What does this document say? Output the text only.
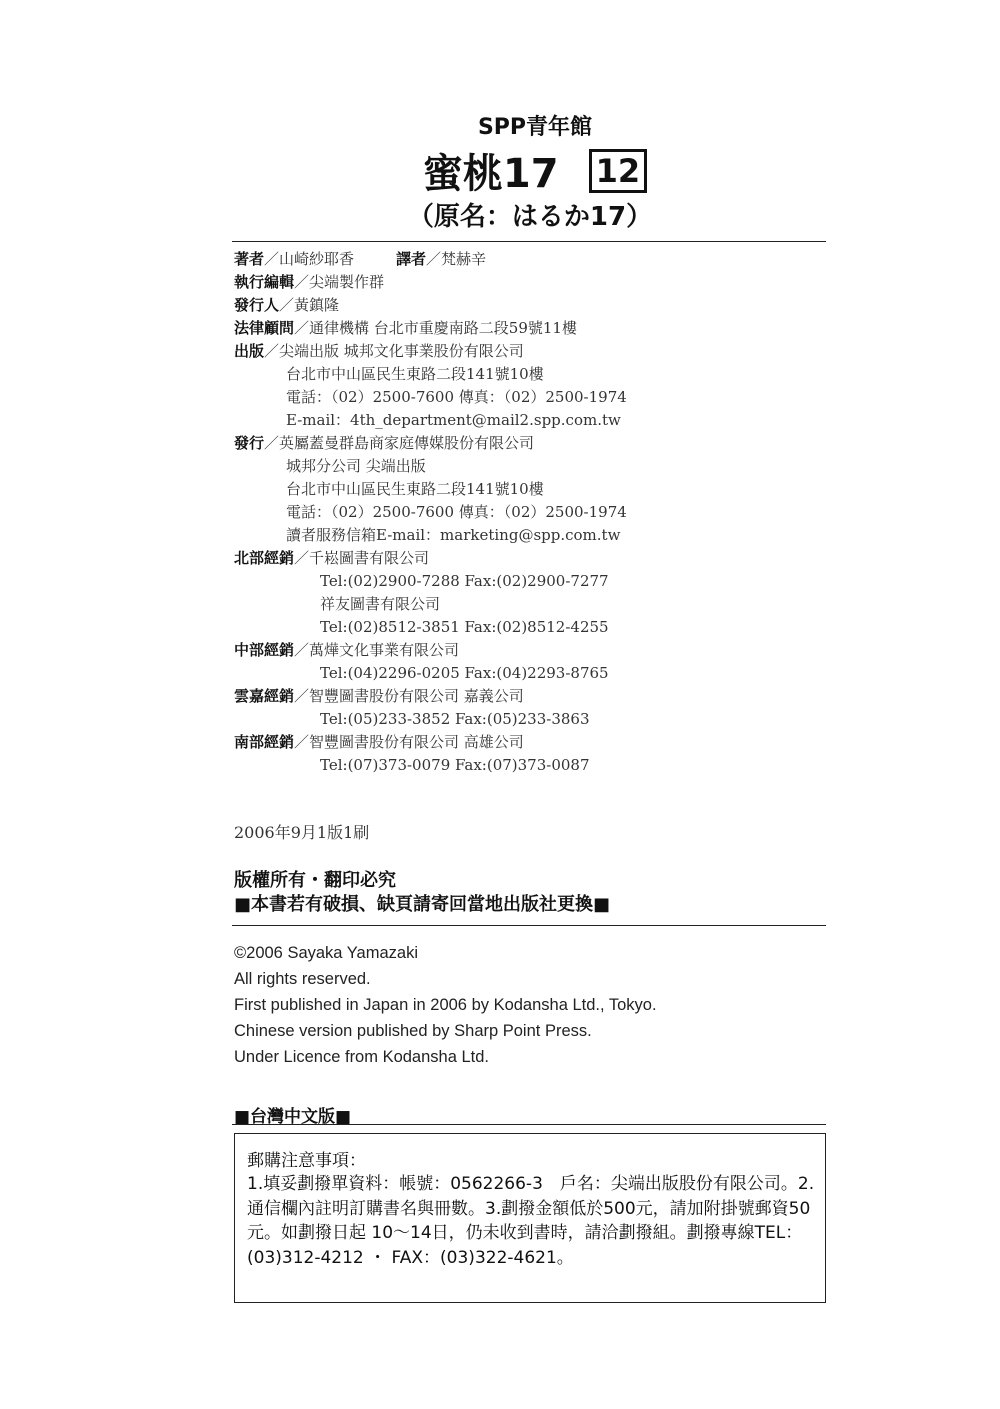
SPP青年館
蜜桃17 12
（原名：はるか17）
著者／山崎紗耶香	譯者／梵赫辛
執行編輯／尖端製作群
發行人／黃鎮隆
法律顧問／通律機構 台北市重慶南路二段59號11樓
出版／尖端出版 城邦文化事業股份有限公司
台北市中山區民生東路二段141號10樓
電話：（02）2500-7600 傳真：（02）2500-1974
E-mail：4th_department@mail2.spp.com.tw
發行／英屬蓋曼群島商家庭傳媒股份有限公司
城邦分公司 尖端出版
台北市中山區民生東路二段141號10樓
電話：（02）2500-7600 傳真：（02）2500-1974
讀者服務信箱E-mail：marketing@spp.com.tw
北部經銷／千崧圖書有限公司
Tel:(02)2900-7288 Fax:(02)2900-7277
祥友圖書有限公司
Tel:(02)8512-3851 Fax:(02)8512-4255
中部經銷／萬燁文化事業有限公司
Tel:(04)2296-0205 Fax:(04)2293-8765
雲嘉經銷／智豐圖書股份有限公司 嘉義公司
Tel:(05)233-3852 Fax:(05)233-3863
南部經銷／智豐圖書股份有限公司 高雄公司
Tel:(07)373-0079 Fax:(07)373-0087
2006年9月1版1刷
版權所有・翻印必究
■本書若有破損、缺頁請寄回當地出版社更換■
©2006 Sayaka Yamazaki
All rights reserved.
First published in Japan in 2006 by Kodansha Ltd., Tokyo.
Chinese version published by Sharp Point Press.
Under Licence from Kodansha Ltd.
■台灣中文版■
郵購注意事項：
1.填妥劃撥單資料：帳號：0562266-3　戶名：尖端出版股份有限公司。2.通信欄內註明訂購書名與冊數。3.劃撥金額低於500元，請加附掛號郵資50元。如劃撥日起 10～14日，仍未收到書時，請洽劃撥組。劃撥專線TEL：(03)312-4212 ・ FAX：(03)322-4621。
